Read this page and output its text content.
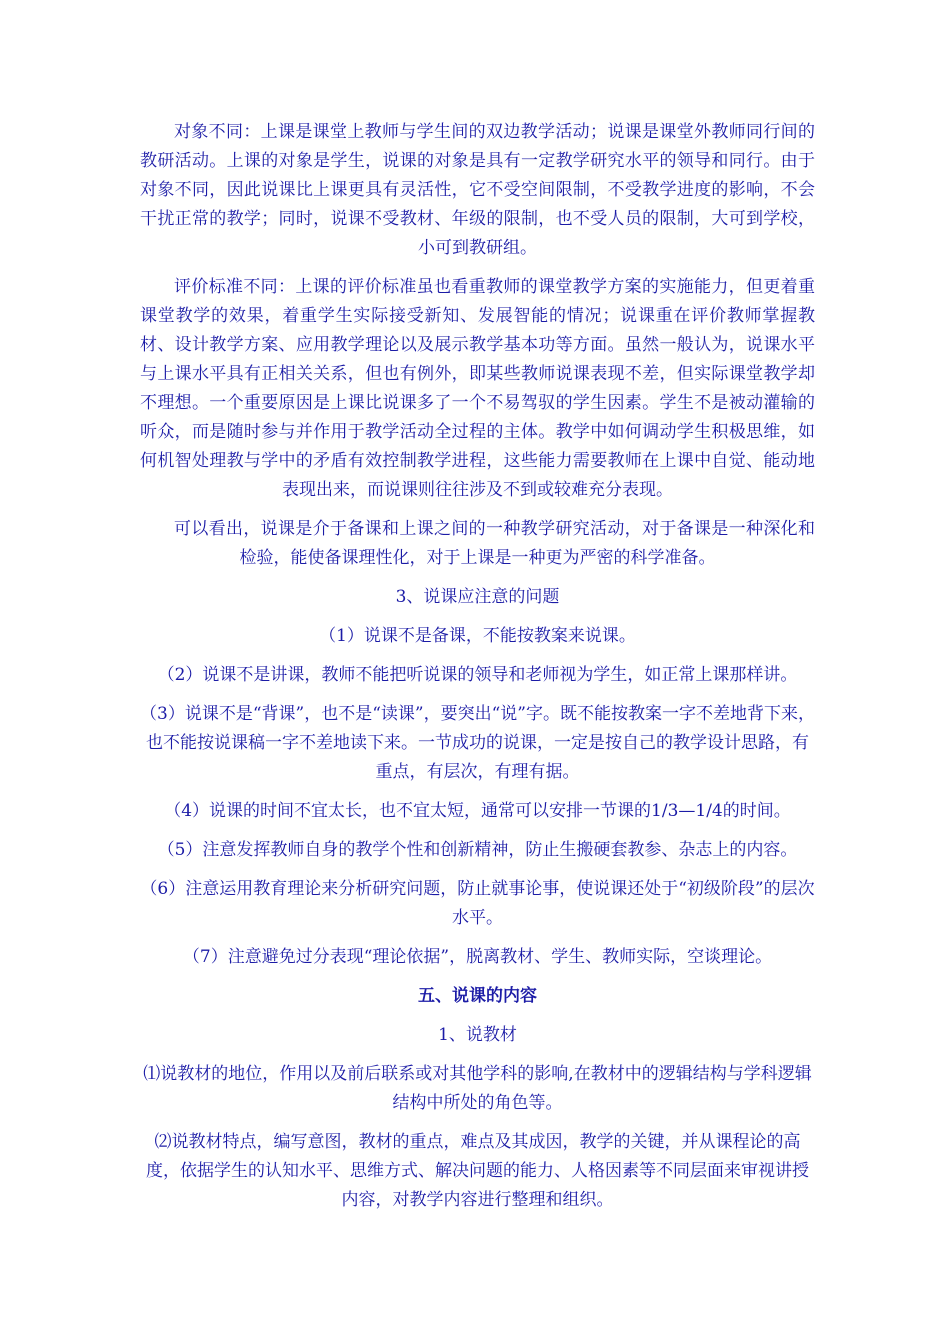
对象不同：上课是课堂上教师与学生间的双边教学活动；说课是课堂外教师同行间的教研活动。上课的对象是学生，说课的对象是具有一定教学研究水平的领导和同行。由于对象不同，因此说课比上课更具有灵活性，它不受空间限制，不受教学进度的影响，不会干扰正常的教学；同时，说课不受教材、年级的限制，也不受人员的限制，大可到学校，小可到教研组。

评价标准不同：上课的评价标准虽也看重教师的课堂教学方案的实施能力，但更着重课堂教学的效果，着重学生实际接受新知、发展智能的情况；说课重在评价教师掌握教材、设计教学方案、应用教学理论以及展示教学基本功等方面。虽然一般认为，说课水平与上课水平具有正相关关系，但也有例外，即某些教师说课表现不差，但实际课堂教学却不理想。一个重要原因是上课比说课多了一个不易驾驭的学生因素。学生不是被动灌输的听众，而是随时参与并作用于教学活动全过程的主体。教学中如何调动学生积极思维，如何机智处理教与学中的矛盾有效控制教学进程，这些能力需要教师在上课中自觉、能动地表现出来，而说课则往往涉及不到或较难充分表现。

可以看出，说课是介于备课和上课之间的一种教学研究活动，对于备课是一种深化和检验，能使备课理性化，对于上课是一种更为严密的科学准备。

3、说课应注意的问题

（1）说课不是备课，不能按教案来说课。

（2）说课不是讲课，教师不能把听说课的领导和老师视为学生，如正常上课那样讲。

（3）说课不是“背课”，也不是“读课”，要突出“说”字。既不能按教案一字不差地背下来，也不能按说课稿一字不差地读下来。一节成功的说课，一定是按自己的教学设计思路，有重点，有层次，有理有据。

（4）说课的时间不宜太长，也不宜太短，通常可以安排一节课的1/3—1/4的时间。

（5）注意发挥教师自身的教学个性和创新精神，防止生搬硬套教参、杂志上的内容。

（6）注意运用教育理论来分析研究问题，防止就事论事，使说课还处于“初级阶段”的层次水平。

（7）注意避免过分表现“理论依据”，脱离教材、学生、教师实际，空谈理论。

五、说课的内容

1、说教材

⑴说教材的地位，作用以及前后联系或对其他学科的影响,在教材中的逻辑结构与学科逻辑结构中所处的角色等。

⑵说教材特点，编写意图，教材的重点，难点及其成因，教学的关键，并从课程论的高度，依据学生的认知水平、思维方式、解决问题的能力、人格因素等不同层面来审视讲授内容，对教学内容进行整理和组织。
